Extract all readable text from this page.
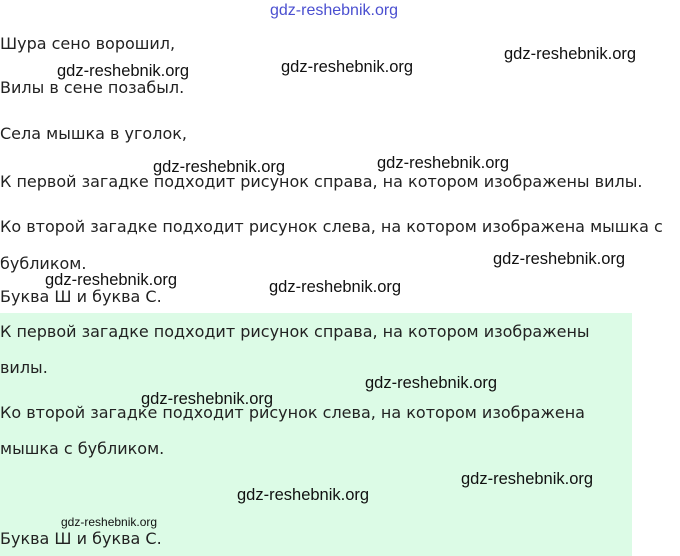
Шура сено ворошил,
Вилы в сене позабыл.
Села мышка в уголок,
К первой загадке подходит рисунок справа, на котором изображены вилы.
Ко второй загадке подходит рисунок слева, на котором изображена мышка с
бубликом.
Буква Ш и буква С.
К первой загадке подходит рисунок справа, на котором изображены
вилы.
Ко второй загадке подходит рисунок слева, на котором изображена
мышка с бубликом.
Буква Ш и буква С.
gdz-reshebnik.org
gdz-reshebnik.org
gdz-reshebnik.org	gdz-reshebnik.org
gdz-reshebnik.org	gdz-reshebnik.org
gdz-reshebnik.org
gdz-reshebnik.org	gdz-reshebnik.org
gdz-reshebnik.org
gdz-reshebnik.org
gdz-reshebnik.org
gdz-reshebnik.org
gdz-reshebnik.org
